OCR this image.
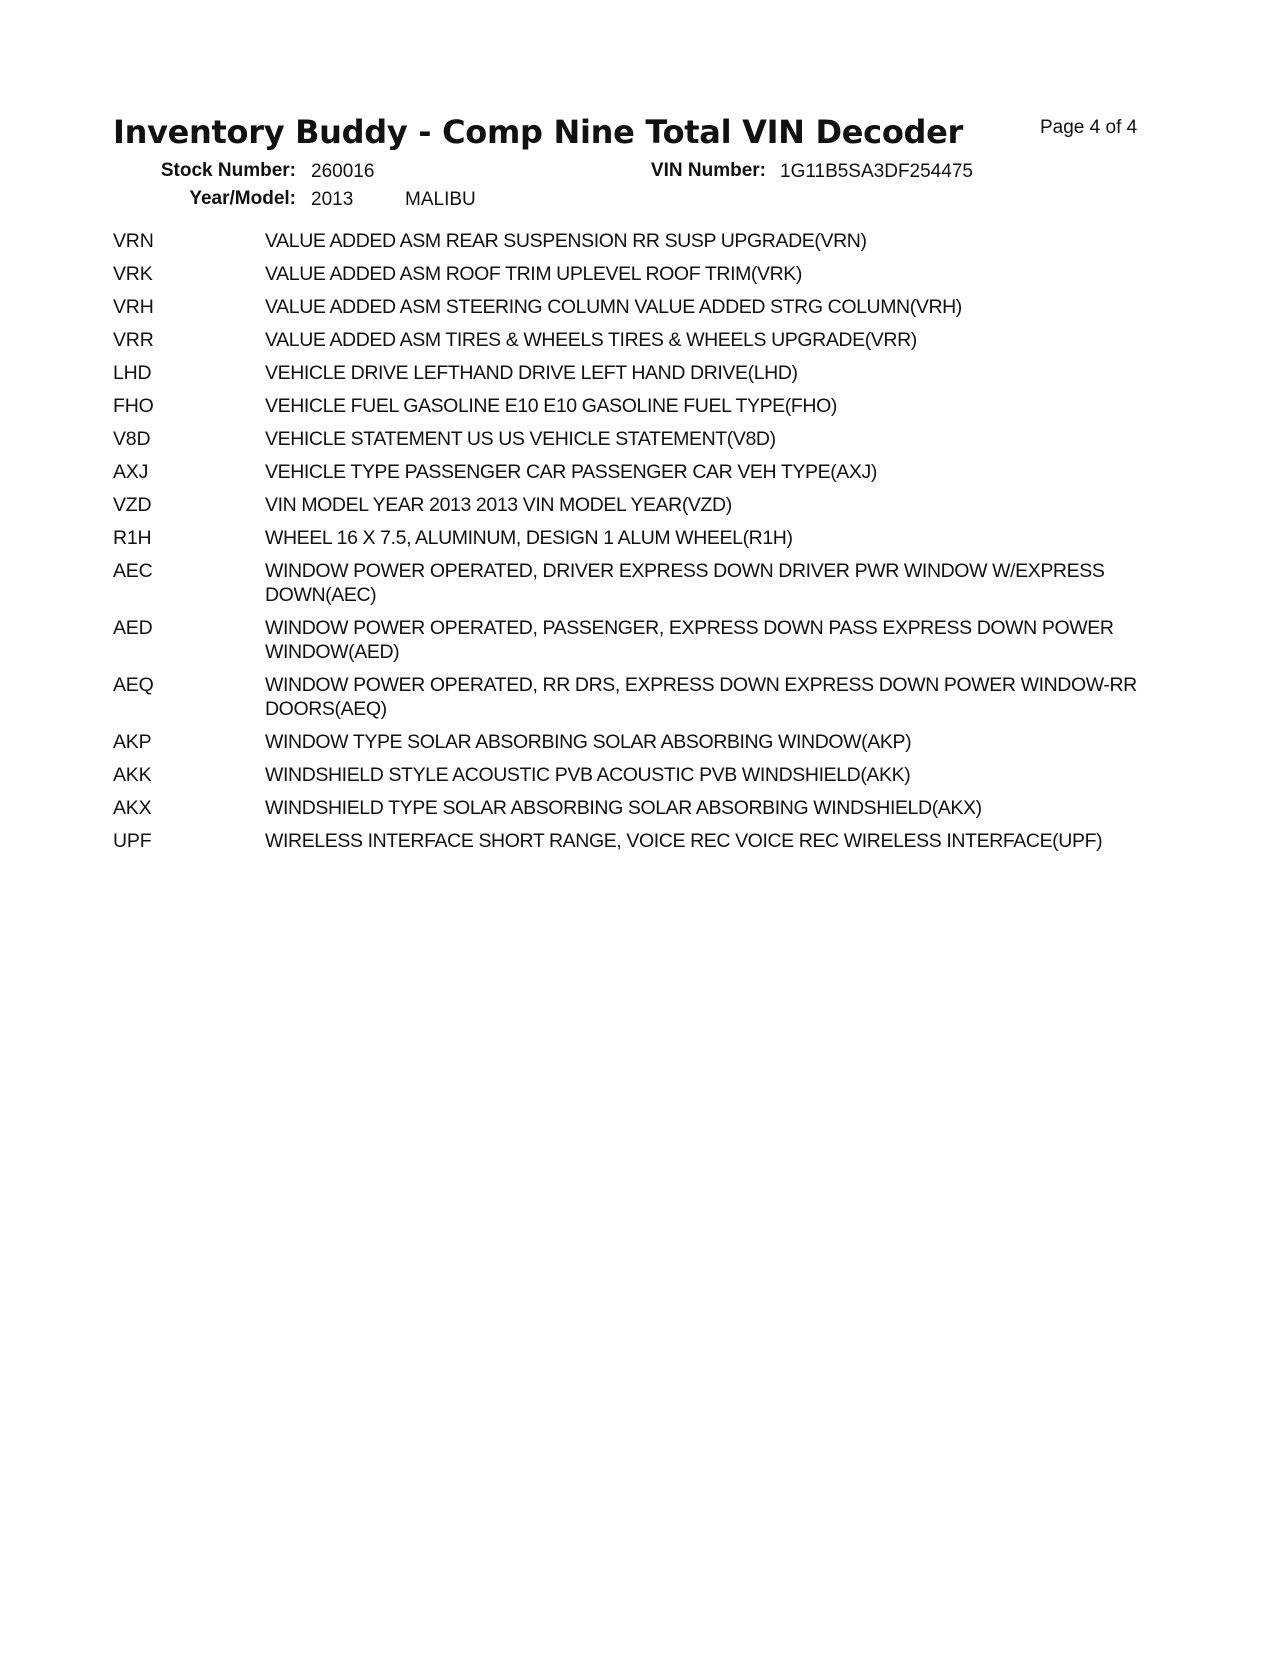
Inventory Buddy - Comp Nine Total VIN Decoder	Page 4 of 4
Stock Number: 260016	VIN Number: 1G11B5SA3DF254475
Year/Model: 2013	MALIBU
VRN	VALUE ADDED ASM REAR SUSPENSION RR SUSP UPGRADE(VRN)
VRK	VALUE ADDED ASM ROOF TRIM UPLEVEL ROOF TRIM(VRK)
VRH	VALUE ADDED ASM STEERING COLUMN VALUE ADDED STRG COLUMN(VRH)
VRR	VALUE ADDED ASM TIRES & WHEELS TIRES & WHEELS UPGRADE(VRR)
LHD	VEHICLE DRIVE LEFTHAND DRIVE LEFT HAND DRIVE(LHD)
FHO	VEHICLE FUEL GASOLINE E10 E10 GASOLINE FUEL TYPE(FHO)
V8D	VEHICLE STATEMENT US US VEHICLE STATEMENT(V8D)
AXJ	VEHICLE TYPE PASSENGER CAR PASSENGER CAR VEH TYPE(AXJ)
VZD	VIN MODEL YEAR 2013 2013 VIN MODEL YEAR(VZD)
R1H	WHEEL 16 X 7.5, ALUMINUM, DESIGN 1 ALUM WHEEL(R1H)
AEC	WINDOW POWER OPERATED, DRIVER EXPRESS DOWN DRIVER PWR WINDOW W/EXPRESS DOWN(AEC)
AED	WINDOW POWER OPERATED, PASSENGER, EXPRESS DOWN PASS EXPRESS DOWN POWER WINDOW(AED)
AEQ	WINDOW POWER OPERATED, RR DRS, EXPRESS DOWN EXPRESS DOWN POWER WINDOW-RR DOORS(AEQ)
AKP	WINDOW TYPE SOLAR ABSORBING SOLAR ABSORBING WINDOW(AKP)
AKK	WINDSHIELD STYLE ACOUSTIC PVB ACOUSTIC PVB WINDSHIELD(AKK)
AKX	WINDSHIELD TYPE SOLAR ABSORBING SOLAR ABSORBING WINDSHIELD(AKX)
UPF	WIRELESS INTERFACE SHORT RANGE, VOICE REC VOICE REC WIRELESS INTERFACE(UPF)
